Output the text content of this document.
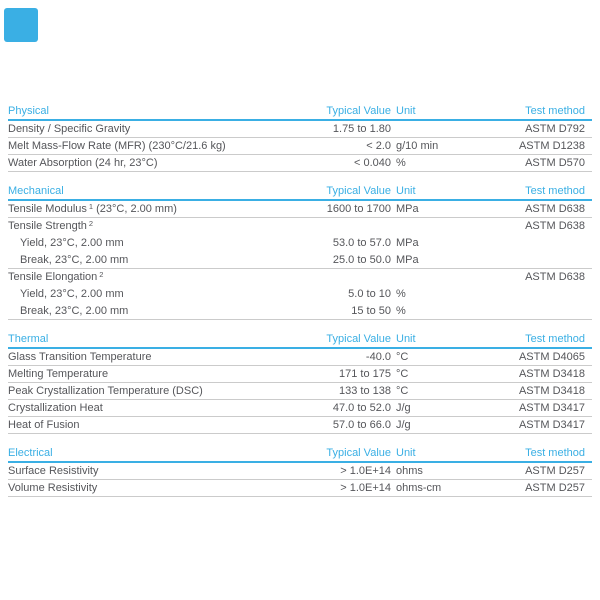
Physical	Typical Value Unit	Test method
Density / Specific Gravity	1.75 to 1.80	ASTM D792
Melt Mass-Flow Rate (MFR) (230°C/21.6 kg)	< 2.0 g/10 min	ASTM D1238
Water Absorption (24 hr, 23°C)	< 0.040 %	ASTM D570
Mechanical	Typical Value Unit	Test method
Tensile Modulus $^1$ (23°C, 2.00 mm)	1600 to 1700 MPa	ASTM D638
Tensile Strength $^2$	ASTM D638
Yield, 23°C, 2.00 mm	53.0 to 57.0 MPa
Break, 23°C, 2.00 mm	25.0 to 50.0 MPa
Tensile Elongation $^2$	ASTM D638
Yield, 23°C, 2.00 mm	5.0 to 10 %
Break, 23°C, 2.00 mm	15 to 50 %
Thermal	Typical Value Unit	Test method
Glass Transition Temperature	-40.0 °C	ASTM D4065
Melting Temperature	171 to 175 °C	ASTM D3418
Peak Crystallization Temperature (DSC)	133 to 138 °C	ASTM D3418
Crystallization Heat	47.0 to 52.0 J/g	ASTM D3417
Heat of Fusion	57.0 to 66.0 J/g	ASTM D3417
Electrical	Typical Value Unit	Test method
Surface Resistivity	> 1.0E+14 ohms	ASTM D257
Volume Resistivity	> 1.0E+14 ohms-cm	ASTM D257
